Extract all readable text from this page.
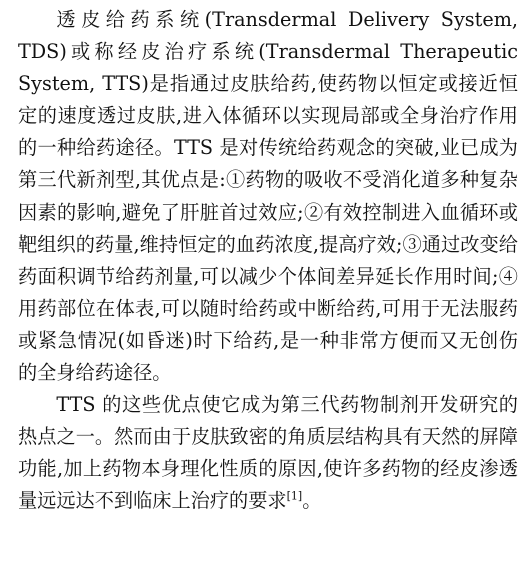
透皮给药系统(Transdermal Delivery System, TDS)或称经皮治疗系统(Transdermal Therapeutic System, TTS)是指通过皮肤给药,使药物以恒定或接近恒定的速度透过皮肤,进入体循环以实现局部或全身治疗作用的一种给药途径。TTS 是对传统给药观念的突破,业已成为第三代新剂型,其优点是:①药物的吸收不受消化道多种复杂因素的影响,避免了肝脏首过效应;②有效控制进入血循环或靶组织的药量,维持恒定的血药浓度,提高疗效;③通过改变给药面积调节给药剂量,可以减少个体间差异延长作用时间;④用药部位在体表,可以随时给药或中断给药,可用于无法服药或紧急情况(如昏迷)时下给药,是一种非常方便而又无创伤的全身给药途径。

TTS 的这些优点使它成为第三代药物制剂开发研究的热点之一。然而由于皮肤致密的角质层结构具有天然的屏障功能,加上药物本身理化性质的原因,使许多药物的经皮渗透量远远达不到临床上治疗的要求[1]。
